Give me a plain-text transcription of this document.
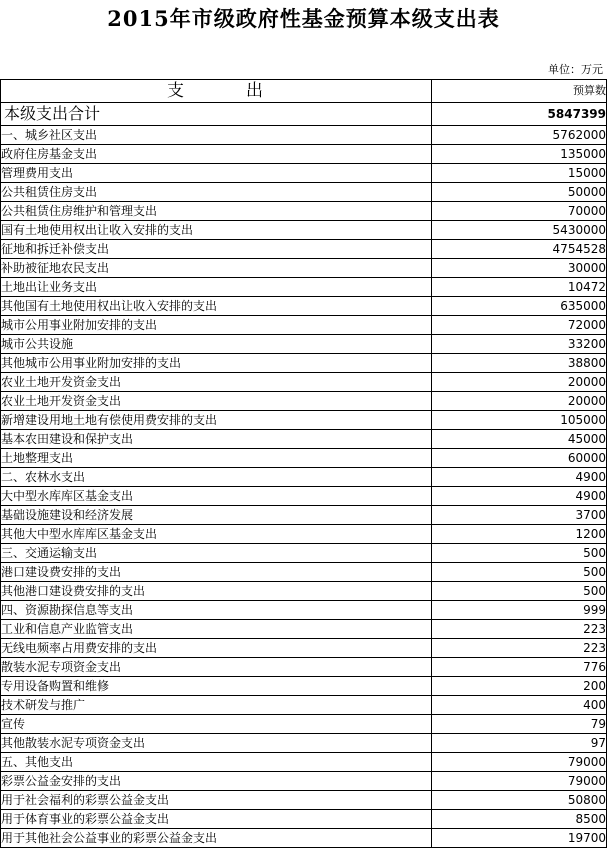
2015年市级政府性基金预算本级支出表
单位：万元
支 出	预算数
本级支出合计	5847399
一、城乡社区支出	5762000
政府住房基金支出	135000
管理费用支出	15000
公共租赁住房支出	50000
公共租赁住房维护和管理支出	70000
国有土地使用权出让收入安排的支出	5430000
征地和拆迁补偿支出	4754528
补助被征地农民支出	30000
土地出让业务支出	10472
其他国有土地使用权出让收入安排的支出	635000
城市公用事业附加安排的支出	72000
城市公共设施	33200
其他城市公用事业附加安排的支出	38800
农业土地开发资金支出	20000
农业土地开发资金支出	20000
新增建设用地土地有偿使用费安排的支出	105000
基本农田建设和保护支出	45000
土地整理支出	60000
二、农林水支出	4900
大中型水库库区基金支出	4900
基础设施建设和经济发展	3700
其他大中型水库库区基金支出	1200
三、交通运输支出	500
港口建设费安排的支出	500
其他港口建设费安排的支出	500
四、资源勘探信息等支出	999
工业和信息产业监管支出	223
无线电频率占用费安排的支出	223
散装水泥专项资金支出	776
专用设备购置和维修	200
技术研发与推广	400
宣传	79
其他散装水泥专项资金支出	97
五、其他支出	79000
彩票公益金安排的支出	79000
用于社会福利的彩票公益金支出	50800
用于体育事业的彩票公益金支出	8500
用于其他社会公益事业的彩票公益金支出	19700
